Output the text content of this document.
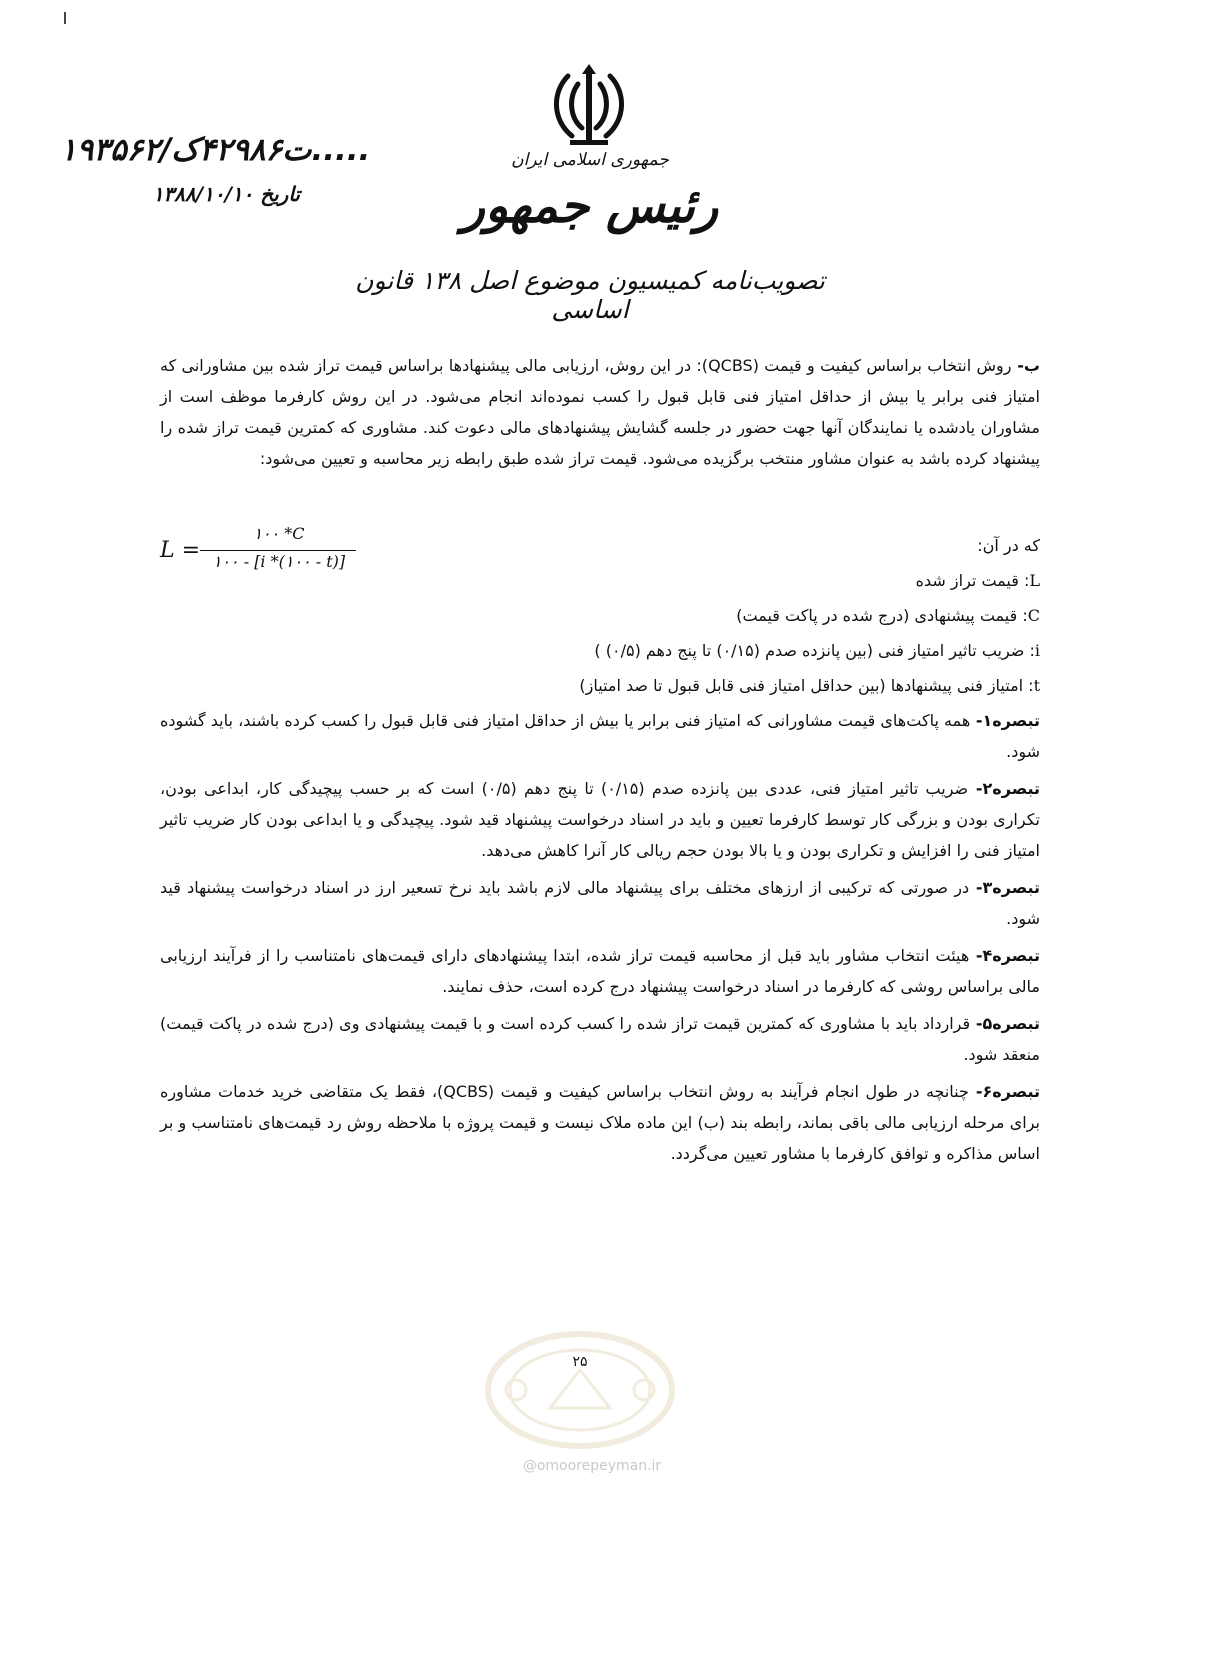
جمهوری اسلامی ایران
رئیس جمهور
تصویب‌نامه کمیسیون موضوع اصل ۱۳۸ قانون اساسی
۱۹۳۵۶۲/ت۴۲۹۸۶ک.....
تاریخ ۱۳۸۸/۱۰/۱۰

ب- روش انتخاب براساس کیفیت و قیمت (QCBS): در این روش، ارزیابی مالی پیشنهادها براساس قیمت تراز شده بین مشاورانی که امتیاز فنی برابر یا بیش از حداقل امتیاز فنی قابل قبول را کسب نموده‌اند انجام می‌شود. در این روش کارفرما موظف است از مشاوران یادشده یا نمایندگان آنها جهت حضور در جلسه گشایش پیشنهادهای مالی دعوت کند. مشاوری که کمترین قیمت تراز شده را پیشنهاد کرده باشد به عنوان مشاور منتخب برگزیده می‌شود. قیمت تراز شده طبق رابطه زیر محاسبه و تعیین می‌شود:

که در آن:
L: قیمت تراز شده
C: قیمت پیشنهادی (درج شده در پاکت قیمت)
i: ضریب تاثیر امتیاز فنی (بین پانزده صدم (۰/۱۵) تا پنج دهم (۰/۵) )
t: امتیاز فنی پیشنهادها (بین حداقل امتیاز فنی قابل قبول تا صد امتیاز)

تبصره۱- همه پاکت‌های قیمت مشاورانی که امتیاز فنی برابر یا بیش از حداقل امتیاز فنی قابل قبول را کسب کرده باشند، باید گشوده شود.

تبصره۲- ضریب تاثیر امتیاز فنی، عددی بین پانزده صدم (۰/۱۵) تا پنج دهم (۰/۵) است که بر حسب پیچیدگی کار، ابداعی بودن، تکراری بودن و بزرگی کار توسط کارفرما تعیین و باید در اسناد درخواست پیشنهاد قید شود. پیچیدگی و یا ابداعی بودن کار ضریب تاثیر امتیاز فنی را افزایش و تکراری بودن و یا بالا بودن حجم ریالی کار آنرا کاهش می‌دهد.

تبصره۳- در صورتی که ترکیبی از ارزهای مختلف برای پیشنهاد مالی لازم باشد باید نرخ تسعیر ارز در اسناد درخواست پیشنهاد قید شود.

تبصره۴- هیئت انتخاب مشاور باید قبل از محاسبه قیمت تراز شده، ابتدا پیشنهادهای دارای قیمت‌های نامتناسب را از فرآیند ارزیابی مالی براساس روشی که کارفرما در اسناد درخواست پیشنهاد درج کرده است، حذف نمایند.

تبصره۵- قرارداد باید با مشاوری که کمترین قیمت تراز شده را کسب کرده است و با قیمت پیشنهادی وی (درج شده در پاکت قیمت) منعقد شود.

تبصره۶- چنانچه در طول انجام فرآیند به روش انتخاب براساس کیفیت و قیمت (QCBS)، فقط یک متقاضی خرید خدمات مشاوره برای مرحله ارزیابی مالی باقی بماند، رابطه بند (ب) این ماده ملاک نیست و قیمت پروژه با ملاحظه روش رد قیمت‌های نامتناسب و بر اساس مذاکره و توافق کارفرما با مشاور تعیین می‌گردد.

L =
۱۰۰ *C
۱۰۰ - [i *(۱۰۰ - t)]
۲۵
@omoorepeyman.ir
